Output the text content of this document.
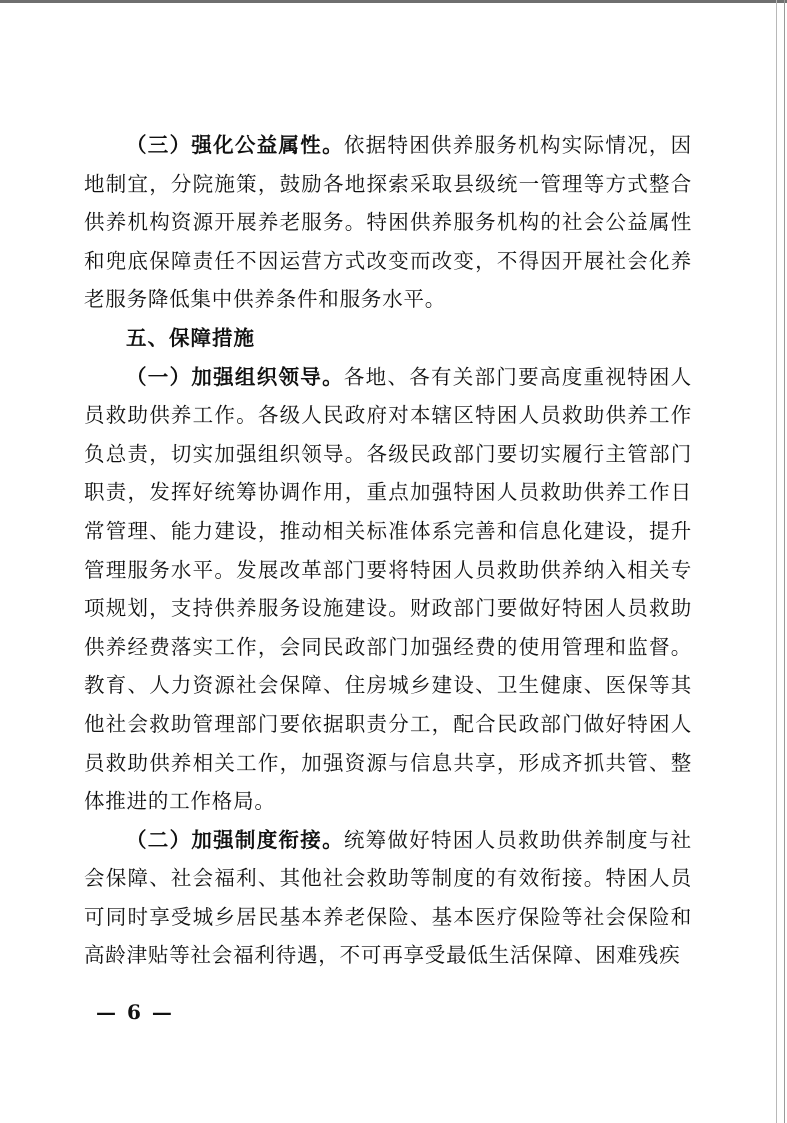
（三）强化公益属性。依据特困供养服务机构实际情况，因地制宜，分院施策，鼓励各地探索采取县级统一管理等方式整合供养机构资源开展养老服务。特困供养服务机构的社会公益属性和兜底保障责任不因运营方式改变而改变，不得因开展社会化养老服务降低集中供养条件和服务水平。

五、保障措施

（一）加强组织领导。各地、各有关部门要高度重视特困人员救助供养工作。各级人民政府对本辖区特困人员救助供养工作负总责，切实加强组织领导。各级民政部门要切实履行主管部门职责，发挥好统筹协调作用，重点加强特困人员救助供养工作日常管理、能力建设，推动相关标准体系完善和信息化建设，提升管理服务水平。发展改革部门要将特困人员救助供养纳入相关专项规划，支持供养服务设施建设。财政部门要做好特困人员救助供养经费落实工作，会同民政部门加强经费的使用管理和监督。教育、人力资源社会保障、住房城乡建设、卫生健康、医保等其他社会救助管理部门要依据职责分工，配合民政部门做好特困人员救助供养相关工作，加强资源与信息共享，形成齐抓共管、整体推进的工作格局。

（二）加强制度衔接。统筹做好特困人员救助供养制度与社会保障、社会福利、其他社会救助等制度的有效衔接。特困人员可同时享受城乡居民基本养老保险、基本医疗保险等社会保险和高龄津贴等社会福利待遇，不可再享受最低生活保障、困难残疾

— 6 —
